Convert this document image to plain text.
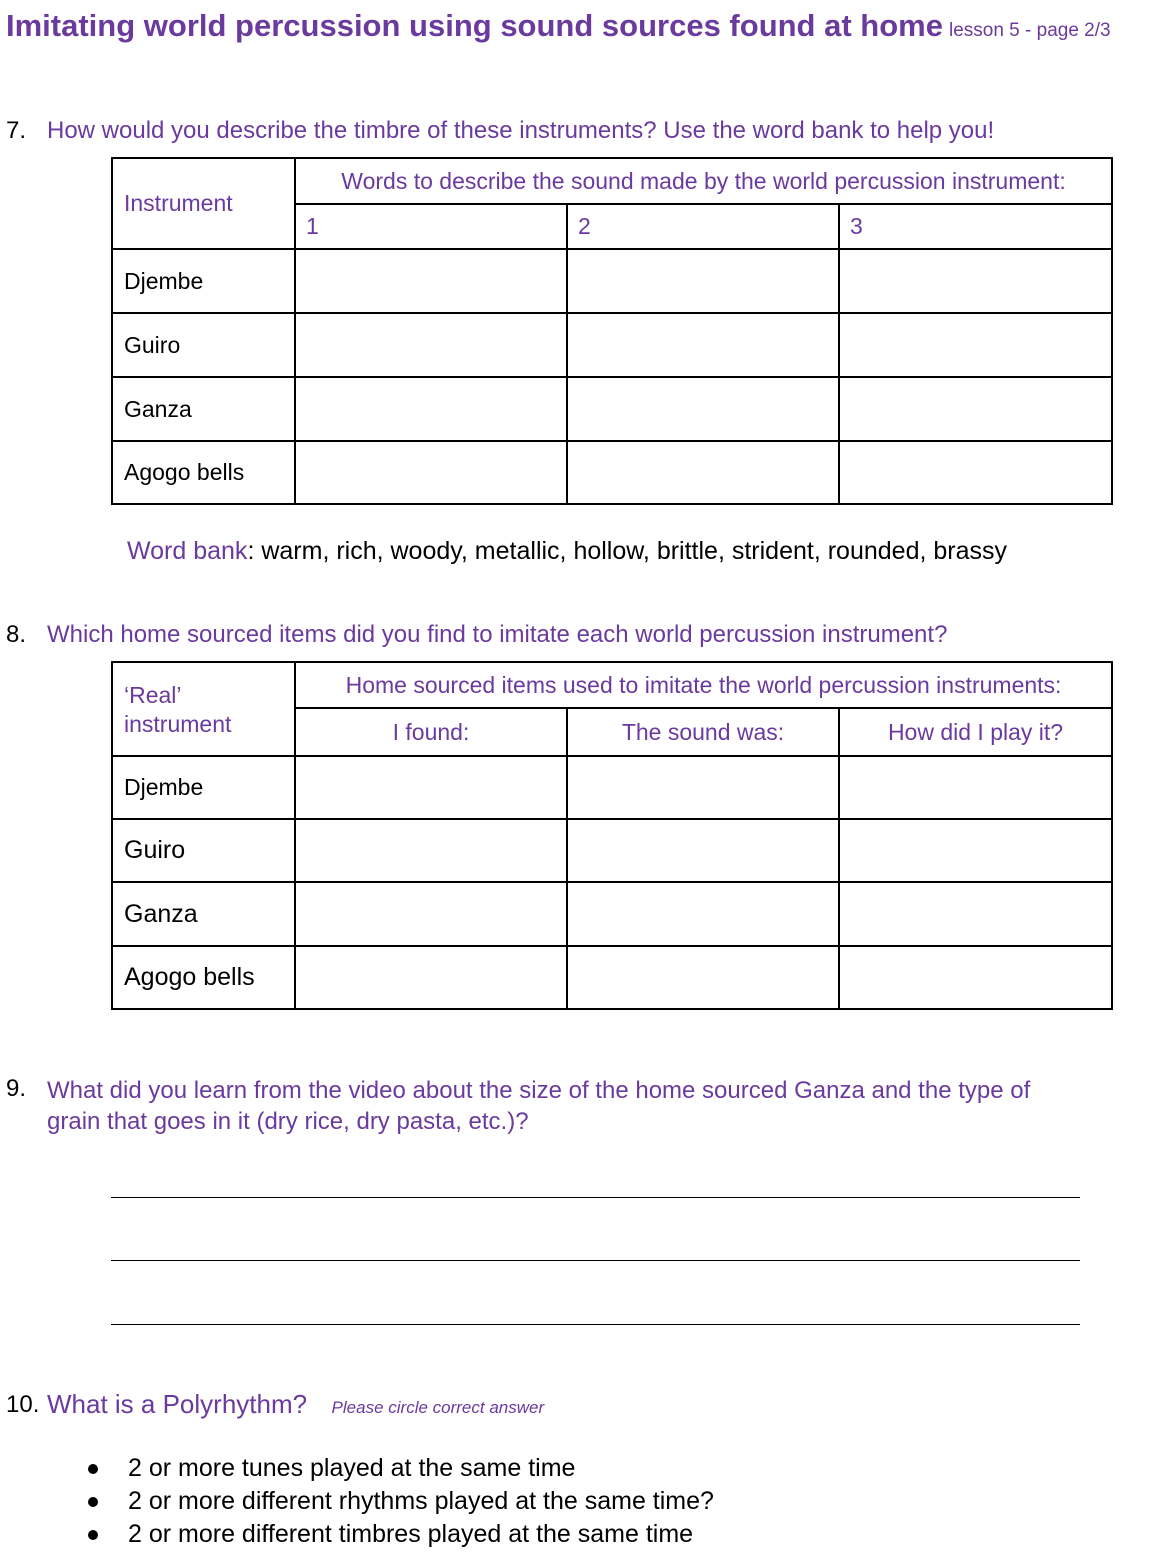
Imitating world percussion using sound sources found at home lesson 5 - page 2/3
7. How would you describe the timbre of these instruments? Use the word bank to help you!
Instrument	Words to describe the sound made by the world percussion instrument:		
	1	2	3
Djembe			
Guiro			
Ganza			
Agogo bells			
Word bank: warm, rich, woody, metallic, hollow, brittle, strident, rounded, brassy
8. Which home sourced items did you find to imitate each world percussion instrument?
‘Real’ instrument	Home sourced items used to imitate the world percussion instruments:		
	I found:	The sound was:	How did I play it?
Djembe			
Guiro			
Ganza			
Agogo bells			
9. What did you learn from the video about the size of the home sourced Ganza and the type of
grain that goes in it (dry rice, dry pasta, etc.)?
10. What is a Polyrhythm? Please circle correct answer
2 or more tunes played at the same time
2 or more different rhythms played at the same time?
2 or more different timbres played at the same time
